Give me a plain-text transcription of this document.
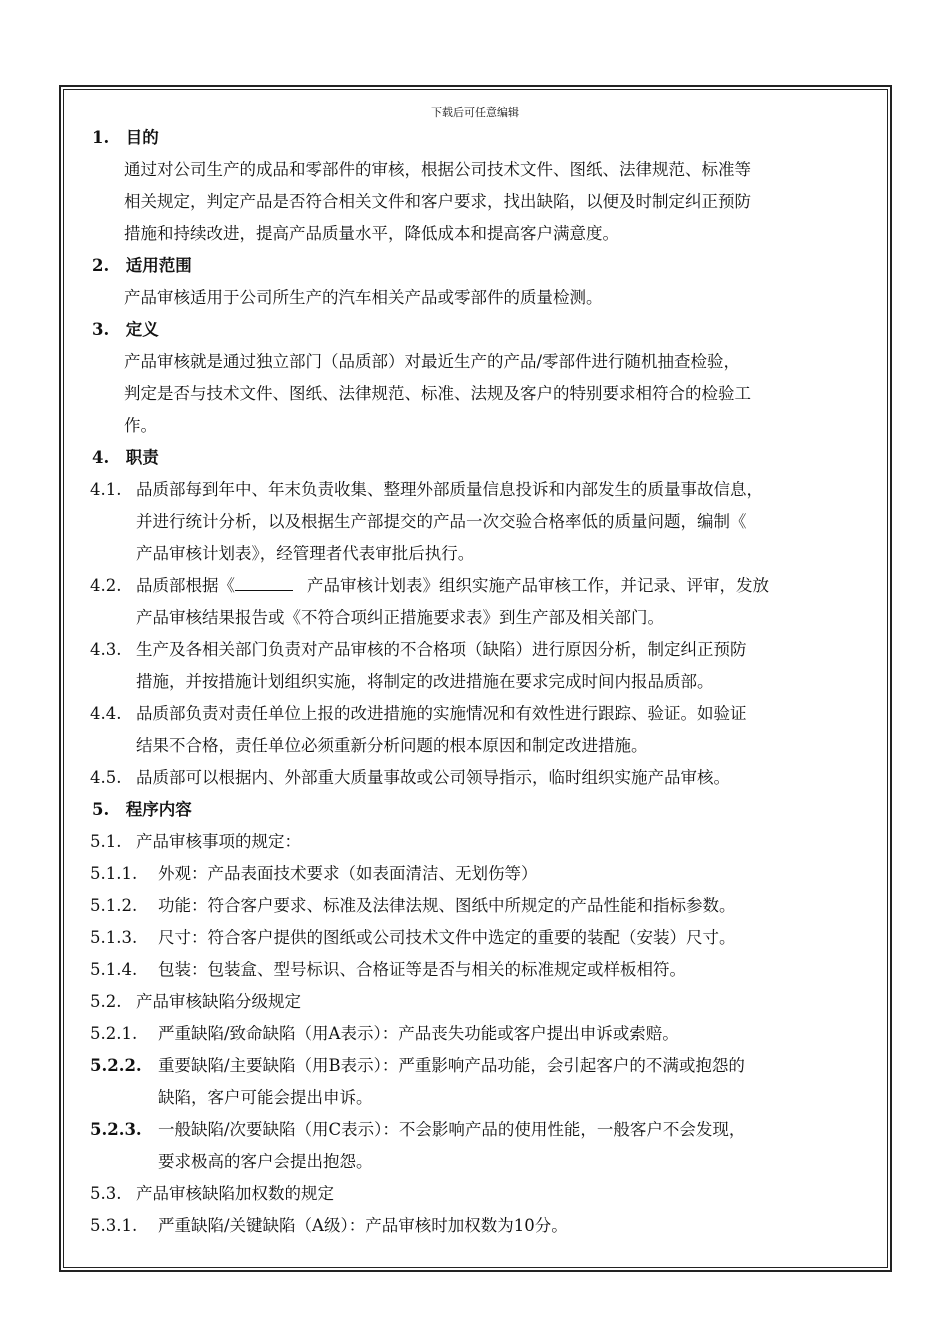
下载后可任意编辑
1. 目的
通过对公司生产的成品和零部件的审核，根据公司技术文件、图纸、法律规范、标准等
相关规定，判定产品是否符合相关文件和客户要求，找出缺陷，以便及时制定纠正预防
措施和持续改进，提高产品质量水平，降低成本和提高客户满意度。
2. 适用范围
产品审核适用于公司所生产的汽车相关产品或零部件的质量检测。
3. 定义
产品审核就是通过独立部门（品质部）对最近生产的产品/零部件进行随机抽查检验，
判定是否与技术文件、图纸、法律规范、标准、法规及客户的特别要求相符合的检验工
作。
4. 职责
4.1. 品质部每到年中、年末负责收集、整理外部质量信息投诉和内部发生的质量事故信息，
并进行统计分析，以及根据生产部提交的产品一次交验合格率低的质量问题，编制《
产品审核计划表》，经管理者代表审批后执行。
4.2. 品质部根据《	产品审核计划表》组织实施产品审核工作，并记录、评审，发放
产品审核结果报告或《不符合项纠正措施要求表》到生产部及相关部门。
4.3. 生产及各相关部门负责对产品审核的不合格项（缺陷）进行原因分析，制定纠正预防
措施，并按措施计划组织实施，将制定的改进措施在要求完成时间内报品质部。
4.4. 品质部负责对责任单位上报的改进措施的实施情况和有效性进行跟踪、验证。如验证
结果不合格，责任单位必须重新分析问题的根本原因和制定改进措施。
4.5. 品质部可以根据内、外部重大质量事故或公司领导指示，临时组织实施产品审核。
5. 程序内容
5.1. 产品审核事项的规定：
5.1.1. 外观：产品表面技术要求（如表面清洁、无划伤等）
5.1.2. 功能：符合客户要求、标准及法律法规、图纸中所规定的产品性能和指标参数。
5.1.3. 尺寸：符合客户提供的图纸或公司技术文件中选定的重要的装配（安装）尺寸。
5.1.4. 包装：包装盒、型号标识、合格证等是否与相关的标准规定或样板相符。
5.2. 产品审核缺陷分级规定
5.2.1. 严重缺陷/致命缺陷（用A表示）：产品丧失功能或客户提出申诉或索赔。
5.2.2. 重要缺陷/主要缺陷（用B表示）：严重影响产品功能，会引起客户的不满或抱怨的
缺陷，客户可能会提出申诉。
5.2.3. 一般缺陷/次要缺陷（用C表示）：不会影响产品的使用性能，一般客户不会发现，
要求极高的客户会提出抱怨。
5.3. 产品审核缺陷加权数的规定
5.3.1. 严重缺陷/关键缺陷（A级）：产品审核时加权数为10分。
